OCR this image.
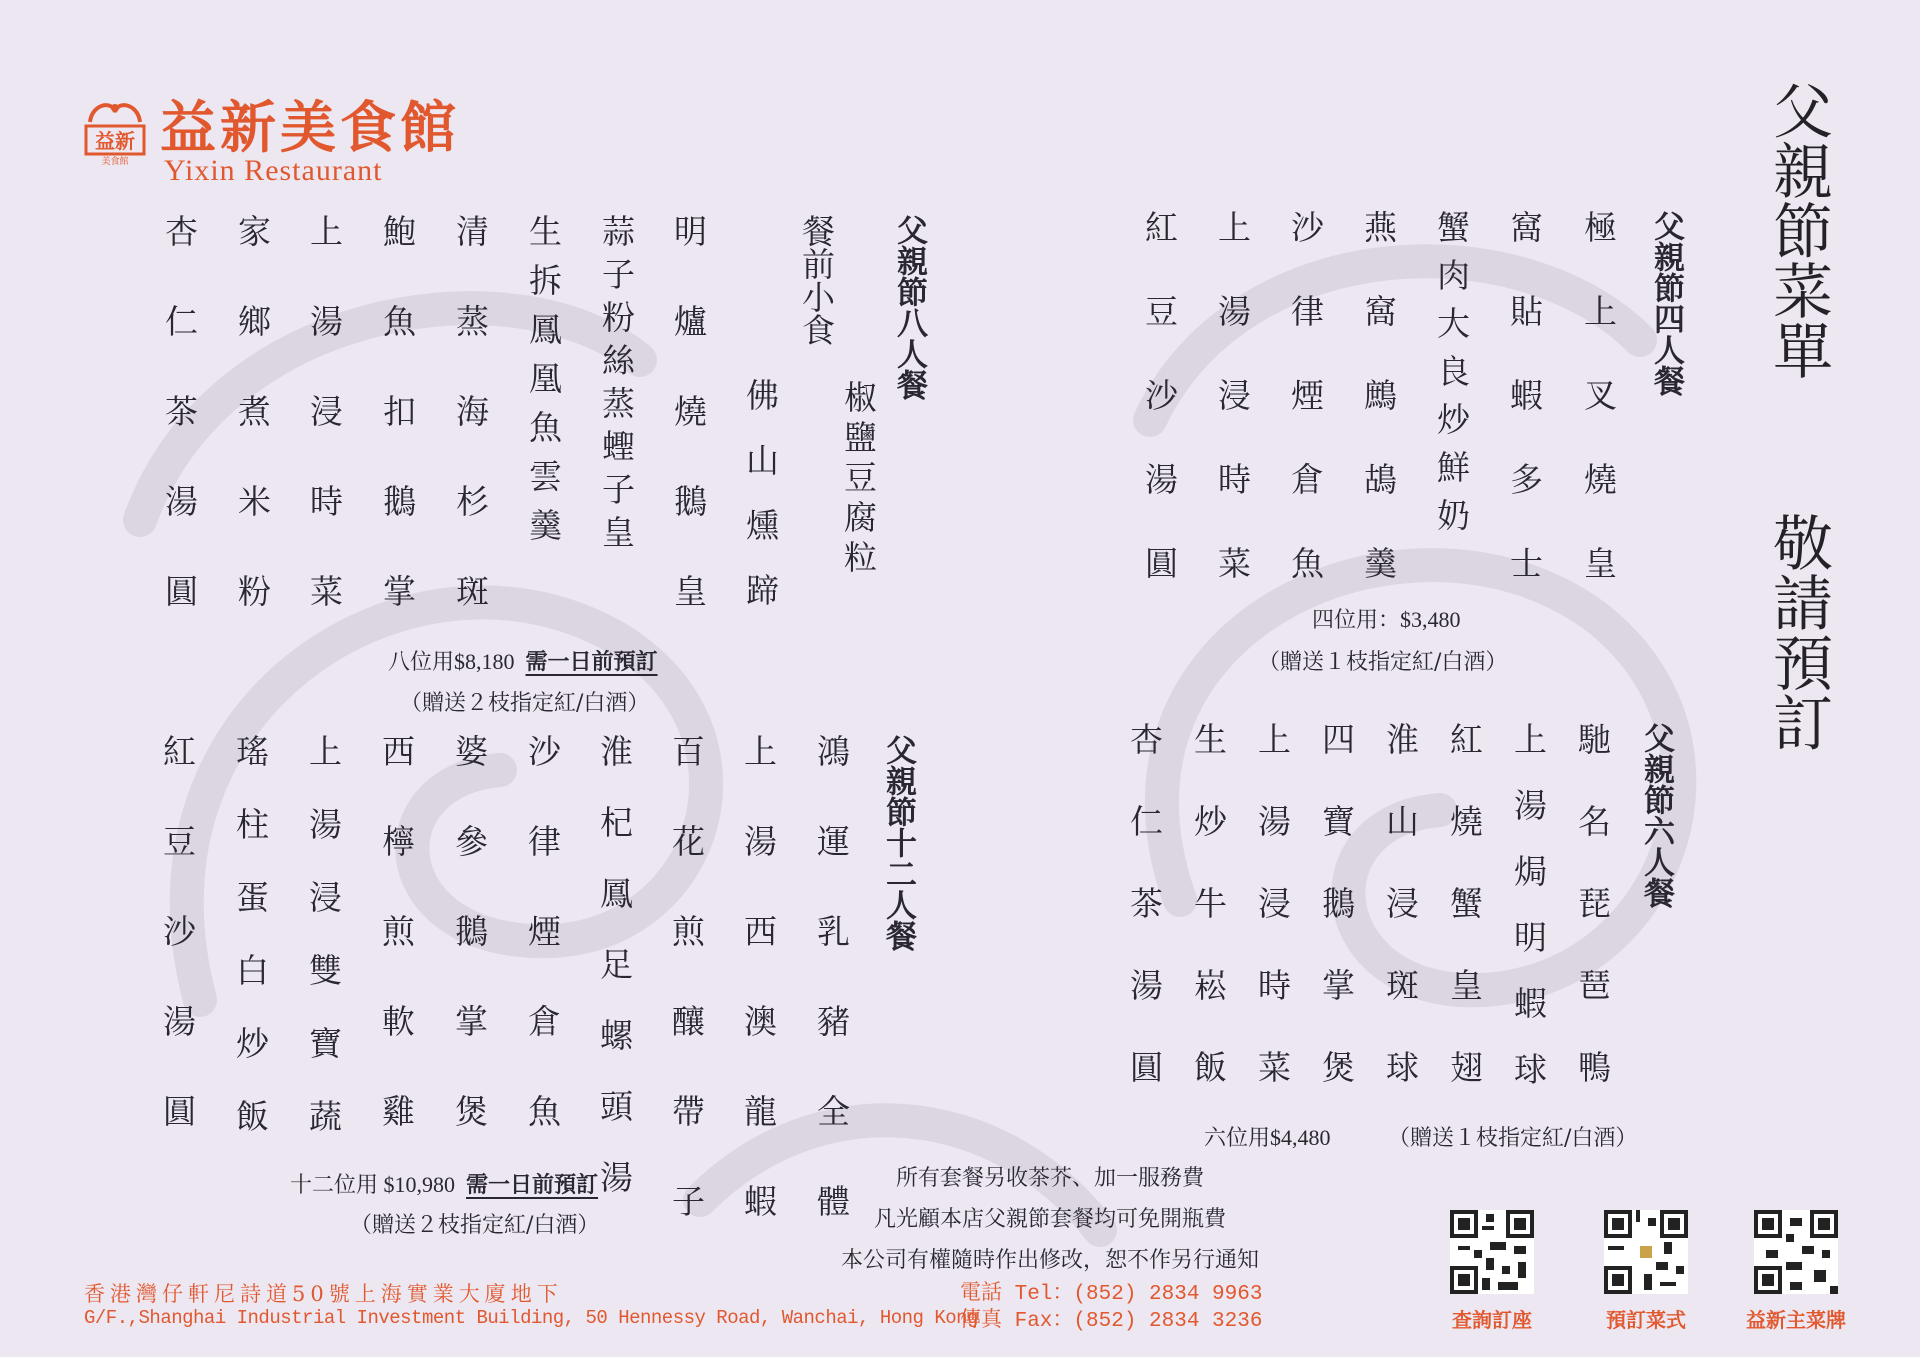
益新
美食館
益新美食館
Yixin Restaurant	父親節菜單
敬請預訂
父親節八人餐
餐前小食
椒鹽豆腐粒
佛山燻蹄
明爐燒鵝皇
蒜子粉絲蒸蟶子皇
生拆鳳凰魚雲羹
清蒸海杉斑
鮑魚扣鵝掌
上湯浸時菜
家鄉煮米粉
杏仁茶湯圓	八位用$8,180 需一日前預訂
（贈送２枝指定紅/白酒）
父親節十二人餐
鴻運乳豬全體
上湯西澳龍蝦
百花煎釀帶子
淮杞鳳足螺頭湯
沙律煙倉魚
婆參鵝掌煲
西檸煎軟雞
上湯浸雙寶蔬
瑤柱蛋白炒飯
紅豆沙湯圓
十二位用 $10,980 需一日前預訂
（贈送２枝指定紅/白酒）
父親節四人餐
極上叉燒皇
窩貼蝦多士
蟹肉大良炒鮮奶
燕窩鷓鴣羹
沙律煙倉魚
上湯浸時菜
紅豆沙湯圓	四位用：$3,480
（贈送１枝指定紅/白酒）
父親節六人餐
馳名琵琶鴨
上湯焗明蝦球
紅燒蟹皇翅
淮山浸斑球
四寶鵝掌煲
上湯浸時菜
生炒牛崧飯
杏仁茶湯圓
六位用$4,480	（贈送１枝指定紅/白酒）
所有套餐另收茶芥、加一服務費
凡光顧本店父親節套餐均可免開瓶費
本公司有權隨時作出修改，恕不作另行通知
香港灣仔軒尼詩道50號上海實業大廈地下
G/F.,Shanghai Industrial Investment Building, 50 Hennessy Road, Wanchai, Hong Kong
電話 Tel：(852) 2834 9963
傳真 Fax：(852) 2834 3236	查詢訂座	預訂菜式	益新主菜牌
